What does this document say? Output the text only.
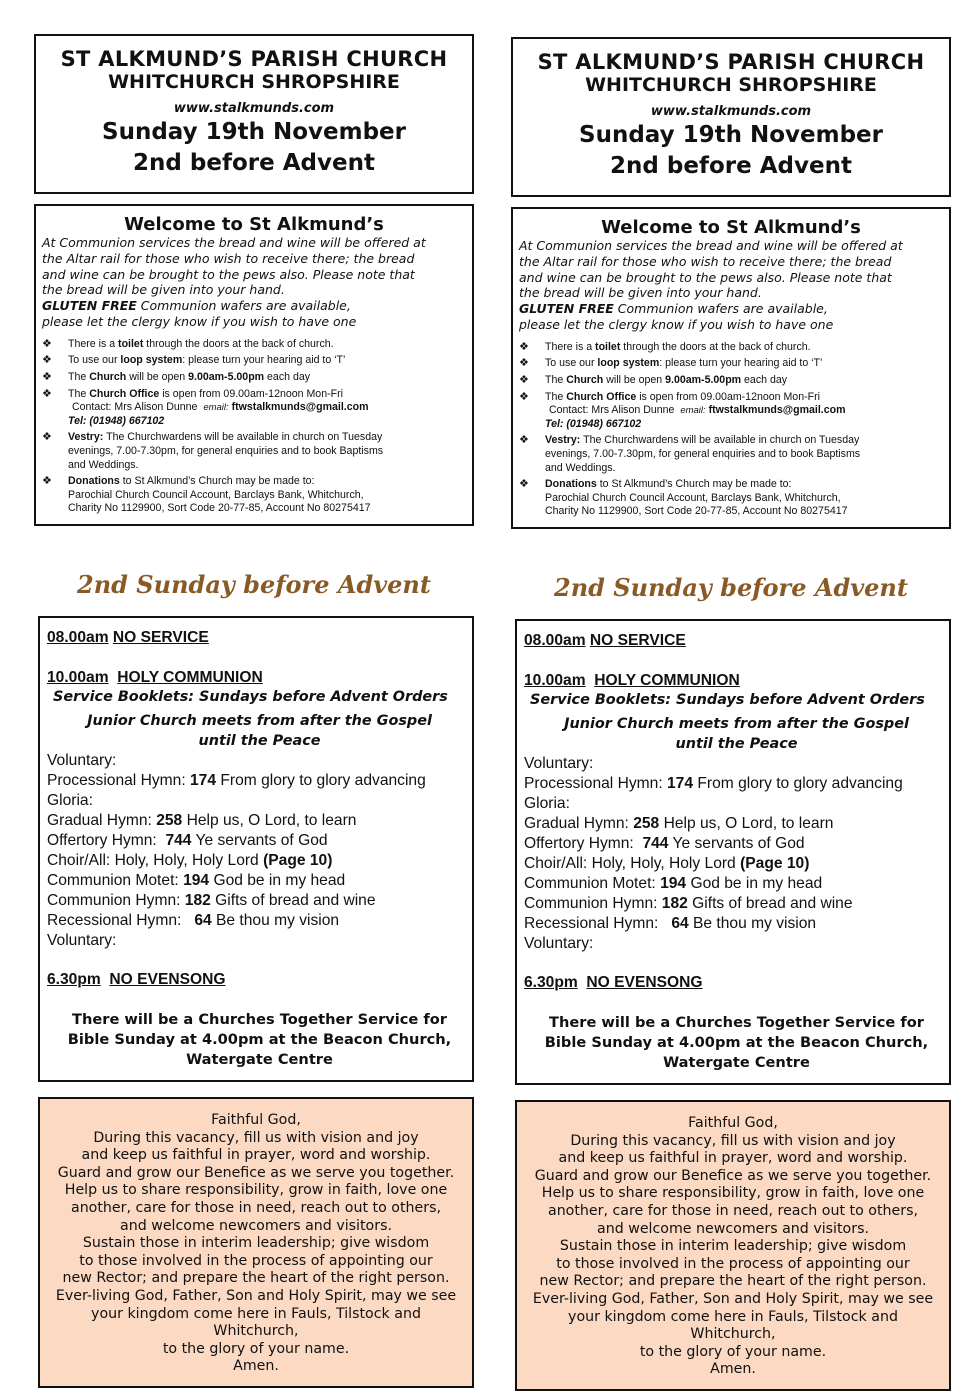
ST ALKMUND’S PARISH CHURCH
WHITCHURCH SHROPSHIRE
www.stalkmunds.com
Sunday 19th November
2nd before Advent
Welcome to St Alkmund’s

At Communion services the bread and wine will be offered at
the Altar rail for those who wish to receive there; the bread
and wine can be brought to the pews also. Please note that
the bread will be given into your hand.
GLUTEN FREE Communion wafers are available,
please let the clergy know if you wish to have one

❖ There is a toilet through the doors at the back of church.
❖ To use our loop system: please turn your hearing aid to ‘T’
❖ The Church will be open 9.00am-5.00pm each day
❖ The Church Office is open from 09.00am-12noon Mon-Fri
Contact: Mrs Alison Dunne email: ftwstalkmunds@gmail.com
Tel: (01948) 667102
❖ Vestry: The Churchwardens will be available in church on Tuesday
evenings, 7.00-7.30pm, for general enquiries and to book Baptisms
and Weddings.
❖ Donations to St Alkmund’s Church may be made to:
Parochial Church Council Account, Barclays Bank, Whitchurch,
Charity No 1129900, Sort Code 20-77-85, Account No 80275417
2nd Sunday before Advent
08.00am NO SERVICE
10.00am HOLY COMMUNION
Service Booklets: Sundays before Advent Orders
Junior Church meets from after the Gospel
until the Peace
Voluntary:
Processional Hymn: 174 From glory to glory advancing
Gloria:
Gradual Hymn: 258 Help us, O Lord, to learn
Offertory Hymn:  744 Ye servants of God
Choir/All: Holy, Holy, Holy Lord (Page 10)
Communion Motet: 194 God be in my head
Communion Hymn: 182 Gifts of bread and wine
Recessional Hymn:   64 Be thou my vision
Voluntary:
6.30pm NO EVENSONG
There will be a Churches Together Service for
Bible Sunday at 4.00pm at the Beacon Church,
Watergate Centre
Faithful God,
During this vacancy, fill us with vision and joy
and keep us faithful in prayer, word and worship.
Guard and grow our Benefice as we serve you together.
Help us to share responsibility, grow in faith, love one
another, care for those in need, reach out to others,
and welcome newcomers and visitors.
Sustain those in interim leadership; give wisdom
to those involved in the process of appointing our
new Rector; and prepare the heart of the right person.
Ever-living God, Father, Son and Holy Spirit, may we see
your kingdom come here in Fauls, Tilstock and
Whitchurch,
to the glory of your name.
Amen.
ST ALKMUND’S PARISH CHURCH
WHITCHURCH SHROPSHIRE
www.stalkmunds.com
Sunday 19th November
2nd before Advent
Welcome to St Alkmund’s

At Communion services the bread and wine will be offered at
the Altar rail for those who wish to receive there; the bread
and wine can be brought to the pews also. Please note that
the bread will be given into your hand.
GLUTEN FREE Communion wafers are available,
please let the clergy know if you wish to have one

❖ There is a toilet through the doors at the back of church.
❖ To use our loop system: please turn your hearing aid to ‘T’
❖ The Church will be open 9.00am-5.00pm each day
❖ The Church Office is open from 09.00am-12noon Mon-Fri
Contact: Mrs Alison Dunne email: ftwstalkmunds@gmail.com
Tel: (01948) 667102
❖ Vestry: The Churchwardens will be available in church on Tuesday
evenings, 7.00-7.30pm, for general enquiries and to book Baptisms
and Weddings.
❖ Donations to St Alkmund’s Church may be made to:
Parochial Church Council Account, Barclays Bank, Whitchurch,
Charity No 1129900, Sort Code 20-77-85, Account No 80275417
2nd Sunday before Advent
08.00am NO SERVICE
10.00am HOLY COMMUNION
Service Booklets: Sundays before Advent Orders
Junior Church meets from after the Gospel
until the Peace
Voluntary:
Processional Hymn: 174 From glory to glory advancing
Gloria:
Gradual Hymn: 258 Help us, O Lord, to learn
Offertory Hymn:  744 Ye servants of God
Choir/All: Holy, Holy, Holy Lord (Page 10)
Communion Motet: 194 God be in my head
Communion Hymn: 182 Gifts of bread and wine
Recessional Hymn:   64 Be thou my vision
Voluntary:
6.30pm NO EVENSONG
There will be a Churches Together Service for
Bible Sunday at 4.00pm at the Beacon Church,
Watergate Centre
Faithful God,
During this vacancy, fill us with vision and joy
and keep us faithful in prayer, word and worship.
Guard and grow our Benefice as we serve you together.
Help us to share responsibility, grow in faith, love one
another, care for those in need, reach out to others,
and welcome newcomers and visitors.
Sustain those in interim leadership; give wisdom
to those involved in the process of appointing our
new Rector; and prepare the heart of the right person.
Ever-living God, Father, Son and Holy Spirit, may we see
your kingdom come here in Fauls, Tilstock and
Whitchurch,
to the glory of your name.
Amen.
